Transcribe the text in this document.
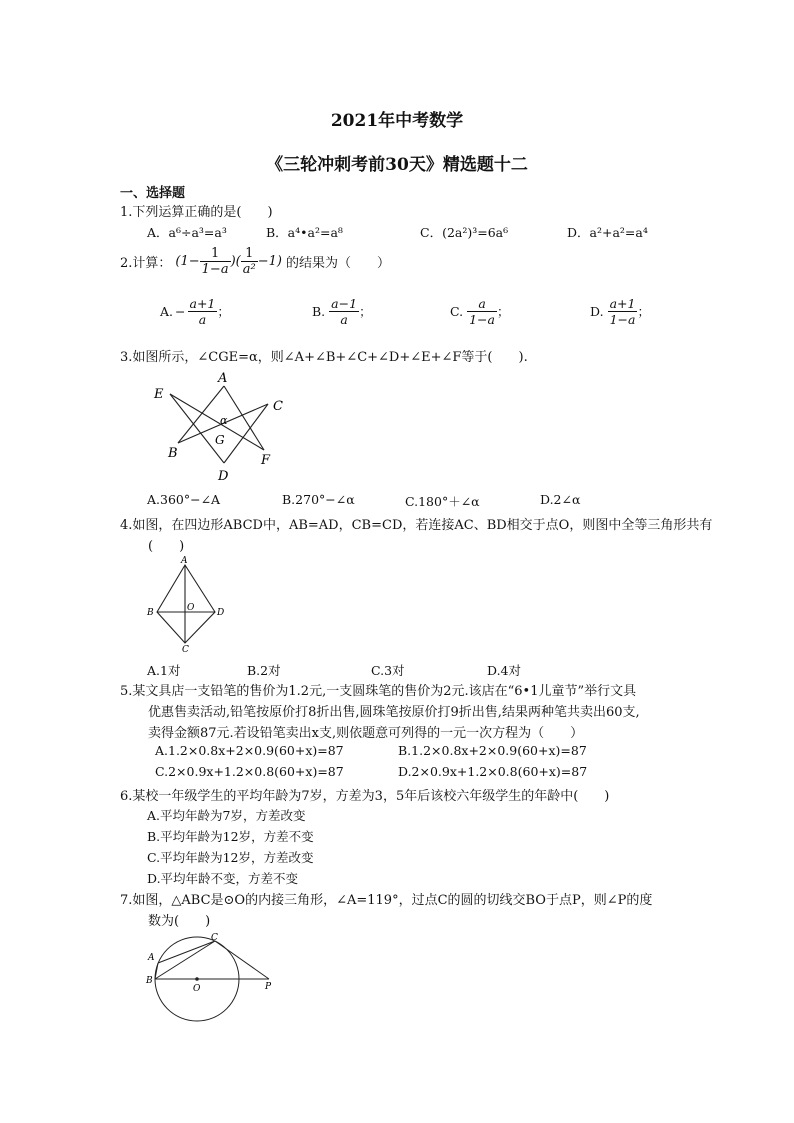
2021年中考数学
《三轮冲刺考前30天》精选题十二
一、选择题
1.下列运算正确的是(　　)
A．a⁶÷a³=a³	B．a⁴•a²=a⁸	C．(2a²)³=6a⁶	D．a²+a²=a⁴
2.计算： ($1- \frac{1}{1-a}$ )( $\frac{1}{\text{a²}} -1$) 的结果为（　　）
A. − $\frac{a+1}{a}$ ；	B. $\frac{a-1}{a}$ ；	C. $\frac{a}{1-a}$ ；	D. $\frac{a+1}{1-a}$ ；
3.如图所示，∠CGE=α，则∠A+∠B+∠C+∠D+∠E+∠F等于(　　).
A
E
C
B	F
D
G
α
A.360°−∠A	B.270°−∠α	C.180°＋∠α	D.2∠α
4.如图，在四边形ABCD中，AB=AD，CB=CD，若连接AC、BD相交于点O，则图中全等三角形共有
(　　)
A
B	D
C
O
A.1对	B.2对	C.3对	D.4对
5.某文具店一支铅笔的售价为1.2元,一支圆珠笔的售价为2元.该店在“6•1儿童节”举行文具
优惠售卖活动,铅笔按原价打8折出售,圆珠笔按原价打9折出售,结果两种笔共卖出60支,
卖得金额87元.若设铅笔卖出x支,则依题意可列得的一元一次方程为（　　）
A.1.2×0.8x+2×0.9(60+x)=87	B.1.2×0.8x+2×0.9(60+x)=87
C.2×0.9x+1.2×0.8(60+x)=87	D.2×0.9x+1.2×0.8(60+x)=87
6.某校一年级学生的平均年龄为7岁，方差为3，5年后该校六年级学生的年龄中(　　)
A.平均年龄为7岁，方差改变
B.平均年龄为12岁，方差不变
C.平均年龄为12岁，方差改变
D.平均年龄不变，方差不变
7.如图，△ABC是⊙O的内接三角形，∠A=119°，过点C的圆的切线交BO于点P，则∠P的度
数为(　　)
C
A
B
O	P
